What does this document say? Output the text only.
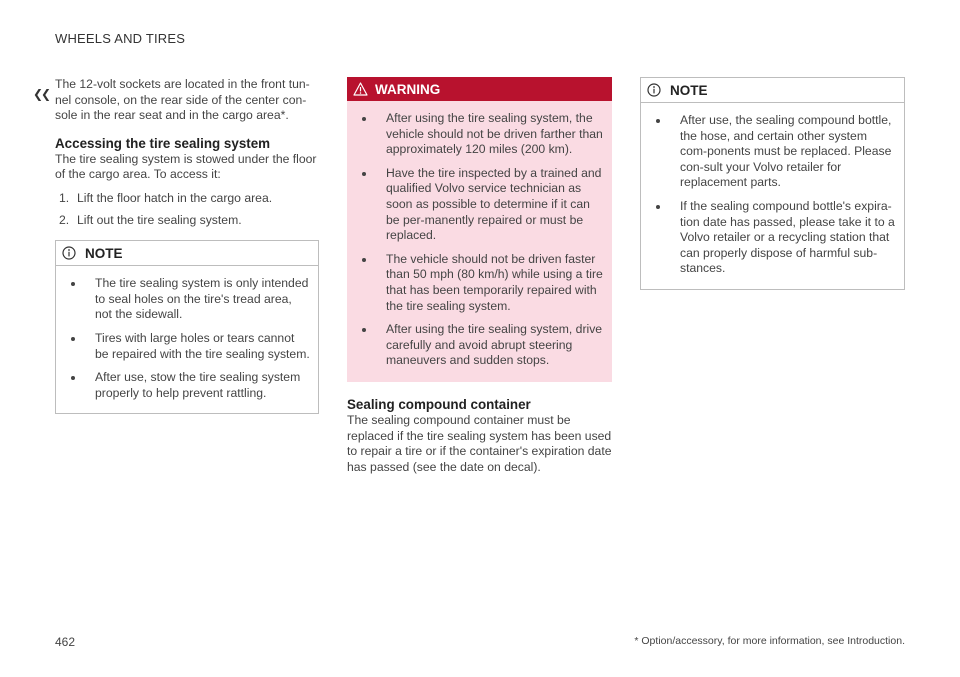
WHEELS AND TIRES
❮❮

The 12-volt sockets are located in the front tun-
nel console, on the rear side of the center con-
sole in the rear seat and in the cargo area*.

Accessing the tire sealing system

The tire sealing system is stowed under the floor
of the cargo area. To access it:

1. Lift the floor hatch in the cargo area.
2. Lift out the tire sealing system.
NOTE
The tire sealing system is only intended to seal holes on the tire's tread area, not the sidewall.
Tires with large holes or tears cannot be repaired with the tire sealing system.
After use, stow the tire sealing system properly to help prevent rattling.
WARNING
After using the tire sealing system, the vehicle should not be driven farther than approximately 120 miles (200 km).
Have the tire inspected by a trained and qualified Volvo service technician as soon as possible to determine if it can be per-manently repaired or must be replaced.
The vehicle should not be driven faster than 50 mph (80 km/h) while using a tire that has been temporarily repaired with the tire sealing system.
After using the tire sealing system, drive carefully and avoid abrupt steering maneuvers and sudden stops.
Sealing compound container

The sealing compound container must be
replaced if the tire sealing system has been used
to repair a tire or if the container's expiration date
has passed (see the date on decal).

NOTE
After use, the sealing compound bottle, the hose, and certain other system com-ponents must be replaced. Please con-sult your Volvo retailer for replacement parts.
If the sealing compound bottle's expira-tion date has passed, please take it to a Volvo retailer or a recycling station that can properly dispose of harmful sub-stances.
462	* Option/accessory, for more information, see Introduction.
